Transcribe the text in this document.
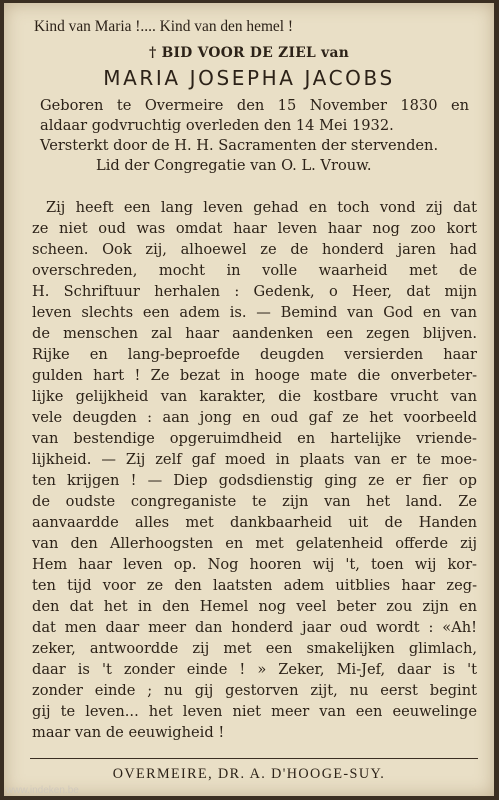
Kind van Maria !.... Kind van den hemel !
† BID VOOR DE ZIEL van
MARIA JOSEPHA JACOBS
Geboren te Overmeire den 15 November 1830 en
aldaar godvruchtig overleden den 14 Mei 1932.
Versterkt door de H. H. Sacramenten der stervenden.
Lid der Congregatie van O. L. Vrouw.
Zij heeft een lang leven gehad en toch vond zij dat
ze niet oud was omdat haar leven haar nog zoo kort
scheen. Ook zij, alhoewel ze de honderd jaren had
overschreden, mocht in volle waarheid met de
H. Schriftuur herhalen : Gedenk, o Heer, dat mijn
leven slechts een adem is. — Bemind van God en van
de menschen zal haar aandenken een zegen blijven.
Rijke en lang-beproefde deugden versierden haar
gulden hart ! Ze bezat in hooge mate die onverbeter-
lijke gelijkheid van karakter, die kostbare vrucht van
vele deugden : aan jong en oud gaf ze het voorbeeld
van bestendige opgeruimdheid en hartelijke vriende-
lijkheid. — Zij zelf gaf moed in plaats van er te moe-
ten krijgen ! — Diep godsdienstig ging ze er fier op
de oudste congreganiste te zijn van het land. Ze
aanvaardde alles met dankbaarheid uit de Handen
van den Allerhoogsten en met gelatenheid offerde zij
Hem haar leven op. Nog hooren wij 't, toen wij kor-
ten tijd voor ze den laatsten adem uitblies haar zeg-
den dat het in den Hemel nog veel beter zou zijn en
dat men daar meer dan honderd jaar oud wordt : «Ah!
zeker, antwoordde zij met een smakelijken glimlach,
daar is 't zonder einde ! » Zeker, Mi-Jef, daar is 't
zonder einde ; nu gij gestorven zijt, nu eerst begint
gij te leven... het leven niet meer van een eeuwelinge
maar van de eeuwigheid !
OVERMEIRE, DR. A. D'HOOGE-SUY.
www.indeken.be
